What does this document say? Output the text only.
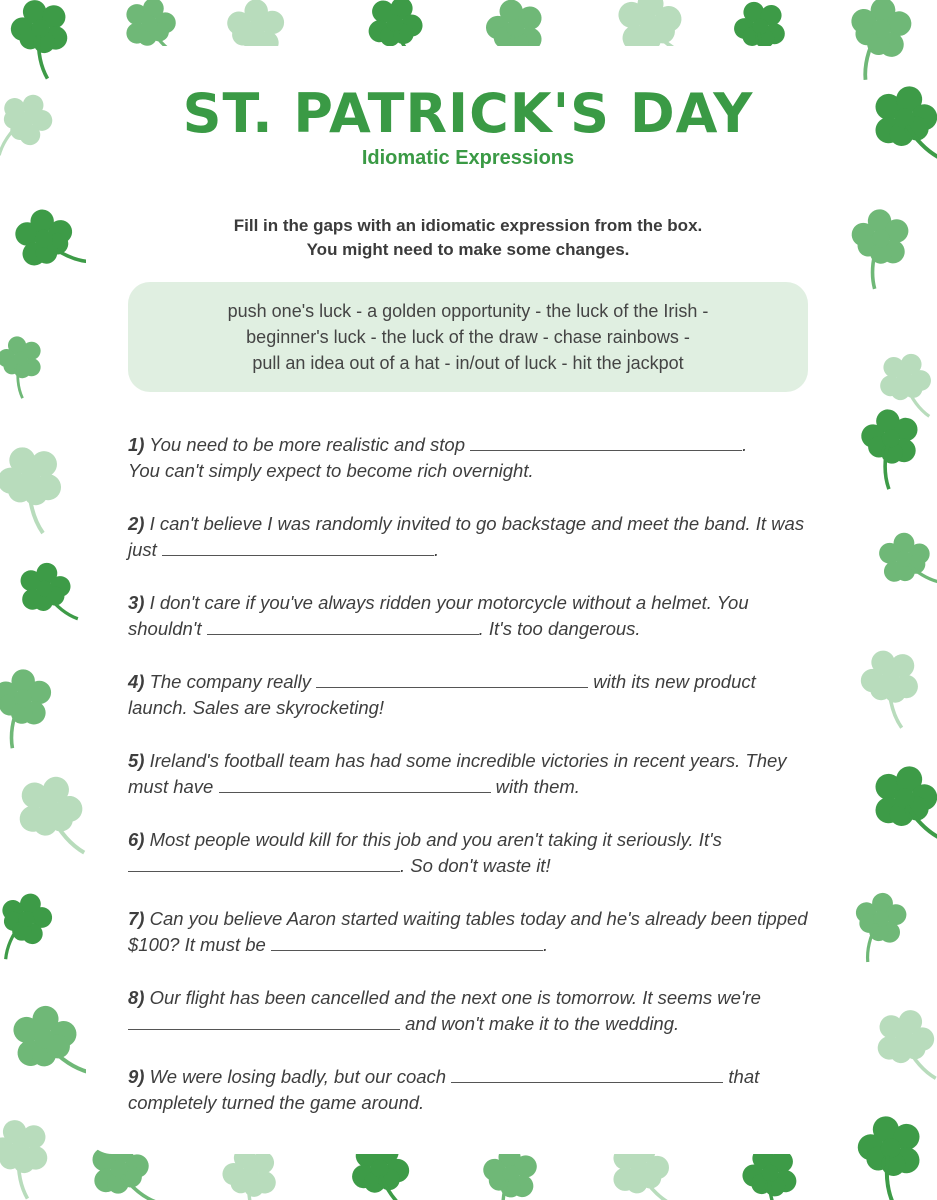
ST. PATRICK'S DAY
Idiomatic Expressions
Fill in the gaps with an idiomatic expression from the box.
You might need to make some changes.
push one's luck - a golden opportunity - the luck of the Irish -
beginner's luck - the luck of the draw - chase rainbows -
pull an idea out of a hat - in/out of luck - hit the jackpot
1) You need to be more realistic and stop	.
You can't simply expect to become rich overnight.
2) I can't believe I was randomly invited to go backstage and meet the band. It was just	.
3) I don't care if you've always ridden your motorcycle without a helmet. You shouldn't	. It's too dangerous.
4) The company really	with its new product launch. Sales are skyrocketing!
5) Ireland's football team has had some incredible victories in recent years. They must have	with them.
6) Most people would kill for this job and you aren't taking it seriously. It's . So don't waste it!
7) Can you believe Aaron started waiting tables today and he's already been tipped $100? It must be	.
8) Our flight has been cancelled and the next one is tomorrow. It seems we're  and won't make it to the wedding.
9) We were losing badly, but our coach	that completely turned the game around.
